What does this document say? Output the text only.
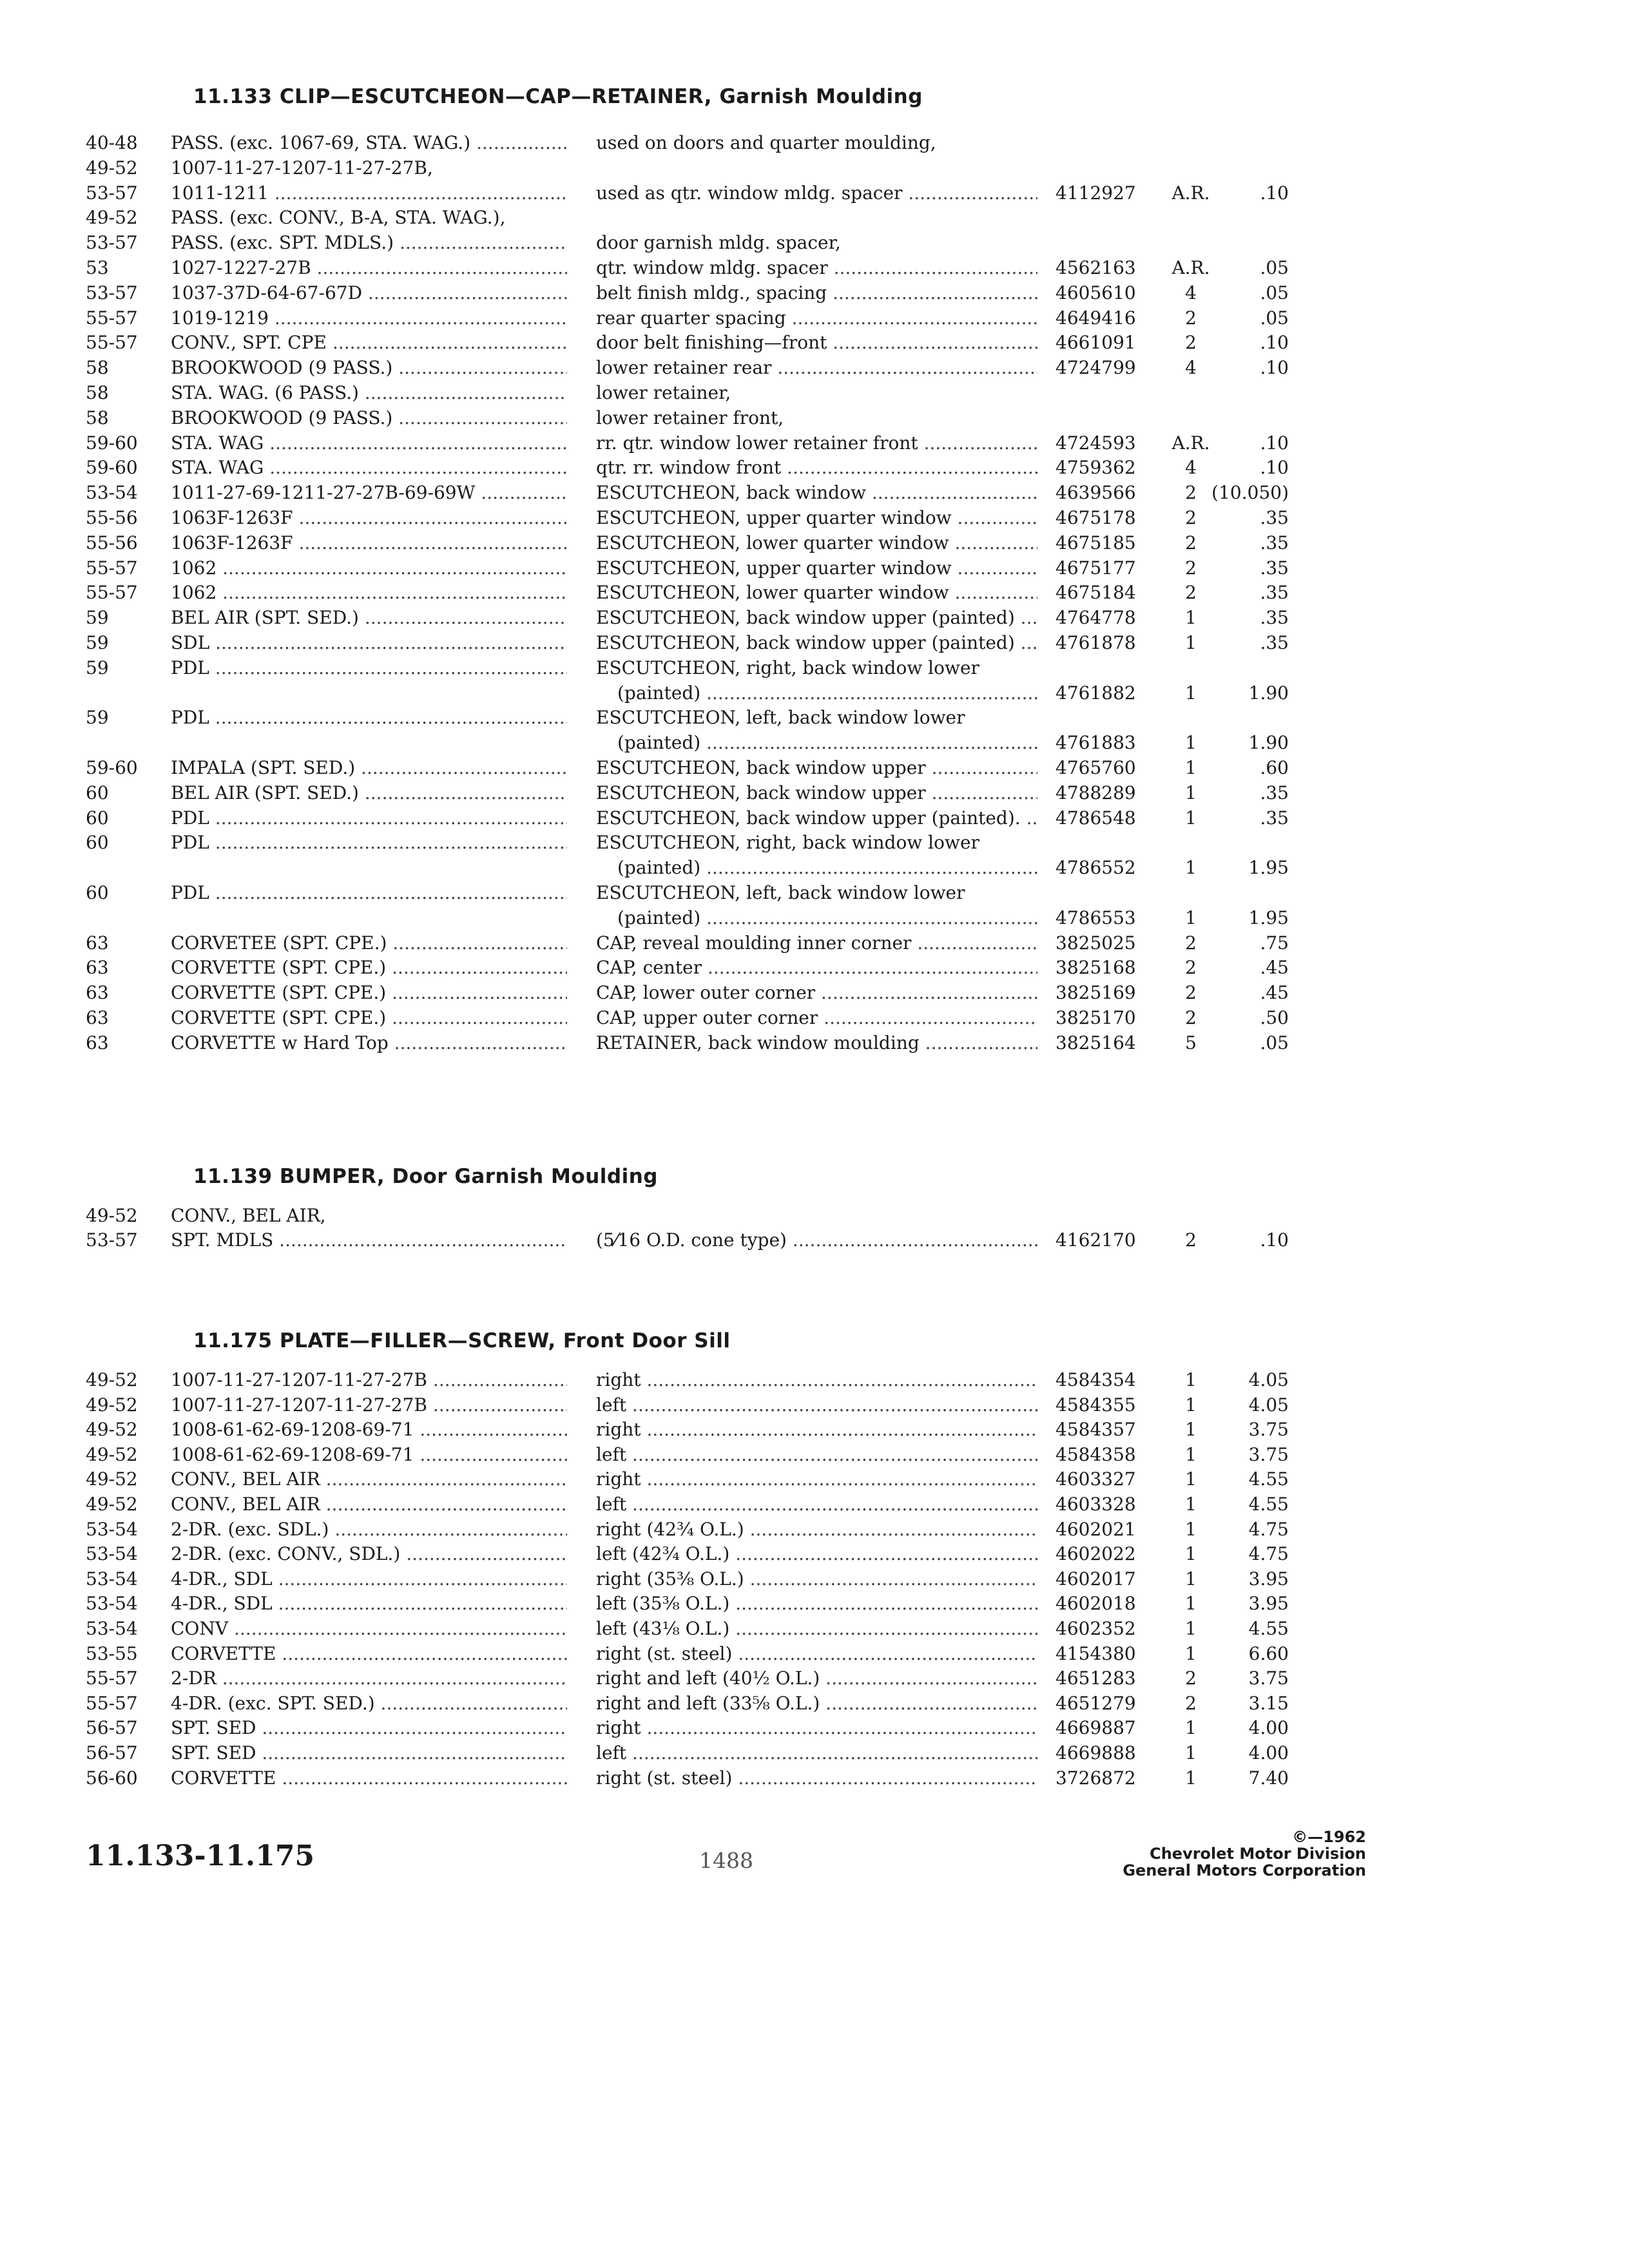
11.133 CLIP—ESCUTCHEON—CAP—RETAINER, Garnish Moulding
40-48 PASS. (exc. 1067-69, STA. WAG.) .....	used on doors and quarter moulding,
49-52 1007-11-27-1207-11-27-27B,
53-57 1011-1211 .....	used as qtr. window mldg. spacer .....	4112927 A.R.	.10
49-52 PASS. (exc. CONV., B-A, STA. WAG.),
53-57 PASS. (exc. SPT. MDLS.) .....	door garnish mldg. spacer,
53	1027-1227-27B .....	qtr. window mldg. spacer .....	4562163 A.R.	.05
53-57 1037-37D-64-67-67D .....	belt finish mldg., spacing .....	4605610	4	.05
55-57 1019-1219 .....	rear quarter spacing .....	4649416	2	.05
55-57 CONV., SPT. CPE .....	door belt finishing—front .....	4661091	2	.10
58	BROOKWOOD (9 PASS.) .....	lower retainer rear .....	4724799	4	.10
58	STA. WAG. (6 PASS.) .....	lower retainer,
58	BROOKWOOD (9 PASS.) .....	lower retainer front,
59-60 STA. WAG .....	rr. qtr. window lower retainer front .....	4724593 A.R.	.10
59-60 STA. WAG .....	qtr. rr. window front .....	4759362	4	.10
53-54 1011-27-69-1211-27-27B-69-69W .....	ESCUTCHEON, back window .....	4639566	2 (10.050)
55-56 1063F-1263F .....	ESCUTCHEON, upper quarter window .....	4675178	2	.35
55-56 1063F-1263F .....	ESCUTCHEON, lower quarter window .....	4675185	2	.35
55-57 1062 .....	ESCUTCHEON, upper quarter window .....	4675177	2	.35
55-57 1062 .....	ESCUTCHEON, lower quarter window .....	4675184	2	.35
59	BEL AIR (SPT. SED.) .....	ESCUTCHEON, back window upper (painted) .....	4764778	1	.35
59	SDL .....	ESCUTCHEON, back window upper (painted) .....	4761878	1	.35
59	PDL .....	ESCUTCHEON, right, back window lower
(painted) .....	4761882	1	1.90
59	PDL .....	ESCUTCHEON, left, back window lower
(painted) .....	4761883	1	1.90
59-60 IMPALA (SPT. SED.) .....	ESCUTCHEON, back window upper .....	4765760	1	.60
60	BEL AIR (SPT. SED.) .....	ESCUTCHEON, back window upper .....	4788289	1	.35
60	PDL .....	ESCUTCHEON, back window upper (painted). .....	4786548	1	.35
60	PDL .....	ESCUTCHEON, right, back window lower
(painted) .....	4786552	1	1.95
60	PDL .....	ESCUTCHEON, left, back window lower
(painted) .....	4786553	1	1.95
63	CORVETEE (SPT. CPE.) .....	CAP, reveal moulding inner corner .....	3825025	2	.75
63	CORVETTE (SPT. CPE.) .....	CAP, center .....	3825168	2	.45
63	CORVETTE (SPT. CPE.) .....	CAP, lower outer corner .....	3825169	2	.45
63	CORVETTE (SPT. CPE.) .....	CAP, upper outer corner .....	3825170	2	.50
63	CORVETTE w Hard Top .....	RETAINER, back window moulding .....	3825164	5	.05
11.139 BUMPER, Door Garnish Moulding
49-52 CONV., BEL AIR,
53-57 SPT. MDLS .....	(5⁄16 O.D. cone type) .....	4162170	2	.10
11.175 PLATE—FILLER—SCREW, Front Door Sill
49-52 1007-11-27-1207-11-27-27B .....	right .....	4584354	1	4.05
49-52 1007-11-27-1207-11-27-27B .....	left .....	4584355	1	4.05
49-52 1008-61-62-69-1208-69-71 .....	right .....	4584357	1	3.75
49-52 1008-61-62-69-1208-69-71 .....	left .....	4584358	1	3.75
49-52 CONV., BEL AIR .....	right .....	4603327	1	4.55
49-52 CONV., BEL AIR .....	left .....	4603328	1	4.55
53-54 2-DR. (exc. SDL.) .....	right (42¾ O.L.) .....	4602021	1	4.75
53-54 2-DR. (exc. CONV., SDL.) .....	left (42¾ O.L.) .....	4602022	1	4.75
53-54 4-DR., SDL .....	right (35⅜ O.L.) .....	4602017	1	3.95
53-54 4-DR., SDL .....	left (35⅜ O.L.) .....	4602018	1	3.95
53-54 CONV .....	left (43⅛ O.L.) .....	4602352	1	4.55
53-55 CORVETTE .....	right (st. steel) .....	4154380	1	6.60
55-57 2-DR .....	right and left (40½ O.L.) .....	4651283	2	3.75
55-57 4-DR. (exc. SPT. SED.) .....	right and left (33⅝ O.L.) .....	4651279	2	3.15
56-57 SPT. SED .....	right .....	4669887	1	4.00
56-57 SPT. SED .....	left .....	4669888	1	4.00
56-60 CORVETTE .....	right (st. steel) .....	3726872	1	7.40
11.133-11.175	1488
©—1962
Chevrolet Motor Division
General Motors Corporation
